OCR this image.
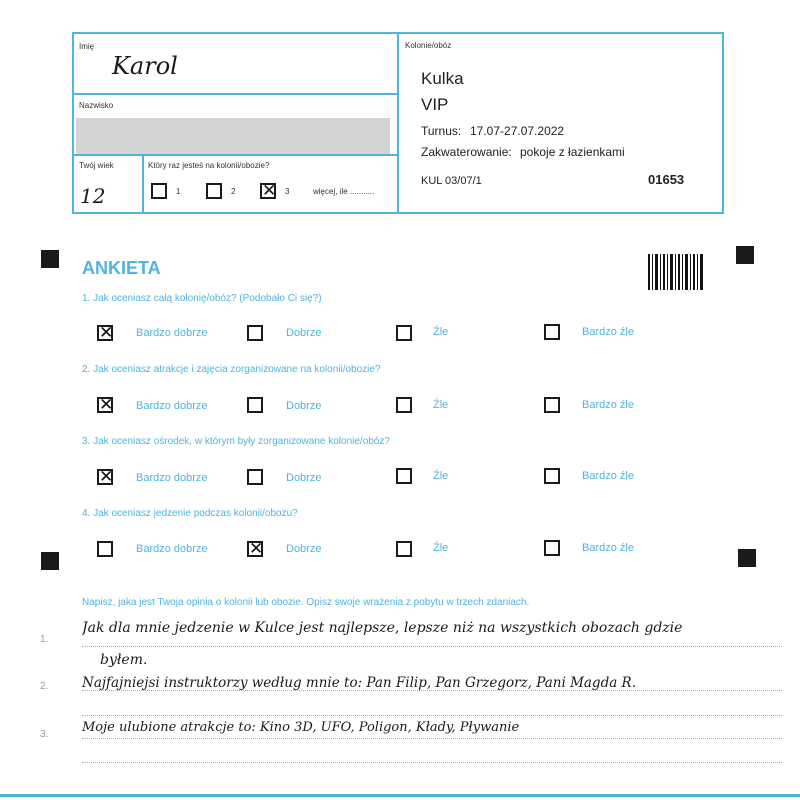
Imię
Karol
Nazwisko
Twój wiek
12
Który raz jesteś na kolonii/obozie?
1	2 ✕ 3	więcej, ile ...........
Kolonie/obóz
Kulka
VIP
Turnus: 17.07-27.07.2022
Zakwaterowanie: pokoje z łazienkami
KUL 03/07/1	01653
ANKIETA
1. Jak oceniasz całą kolonię/obóz? (Podobało Ci się?)
✕ Bardzo dobrze	Dobrze	Źle	Bardzo źle
2. Jak oceniasz atrakcje i zajęcia zorganizowane na kolonii/obozie?
✕ Bardzo dobrze	Dobrze	Źle	Bardzo źle
3. Jak oceniasz ośrodek, w którym były zorganizowane kolonie/obóz?
✕ Bardzo dobrze	Dobrze	Źle	Bardzo źle
4. Jak oceniasz jedzenie podczas kolonii/obozu?
Bardzo dobrze ✕ Dobrze	Źle	Bardzo źle
Napisz, jaka jest Twoja opinia o kolonii lub obozie. Opisz swoje wrażenia z pobytu w trzech zdaniach.
1.
Jak dla mnie jedzenie w Kulce jest najlepsze, lepsze niż na wszystkich obozach gdzie
byłem.
2. Najfajniejsi instruktorzy według mnie to: Pan Filip, Pan Grzegorz, Pani Magda R.
3.	Moje ulubione atrakcje to: Kino 3D, UFO, Poligon, Kłady, Pływanie
